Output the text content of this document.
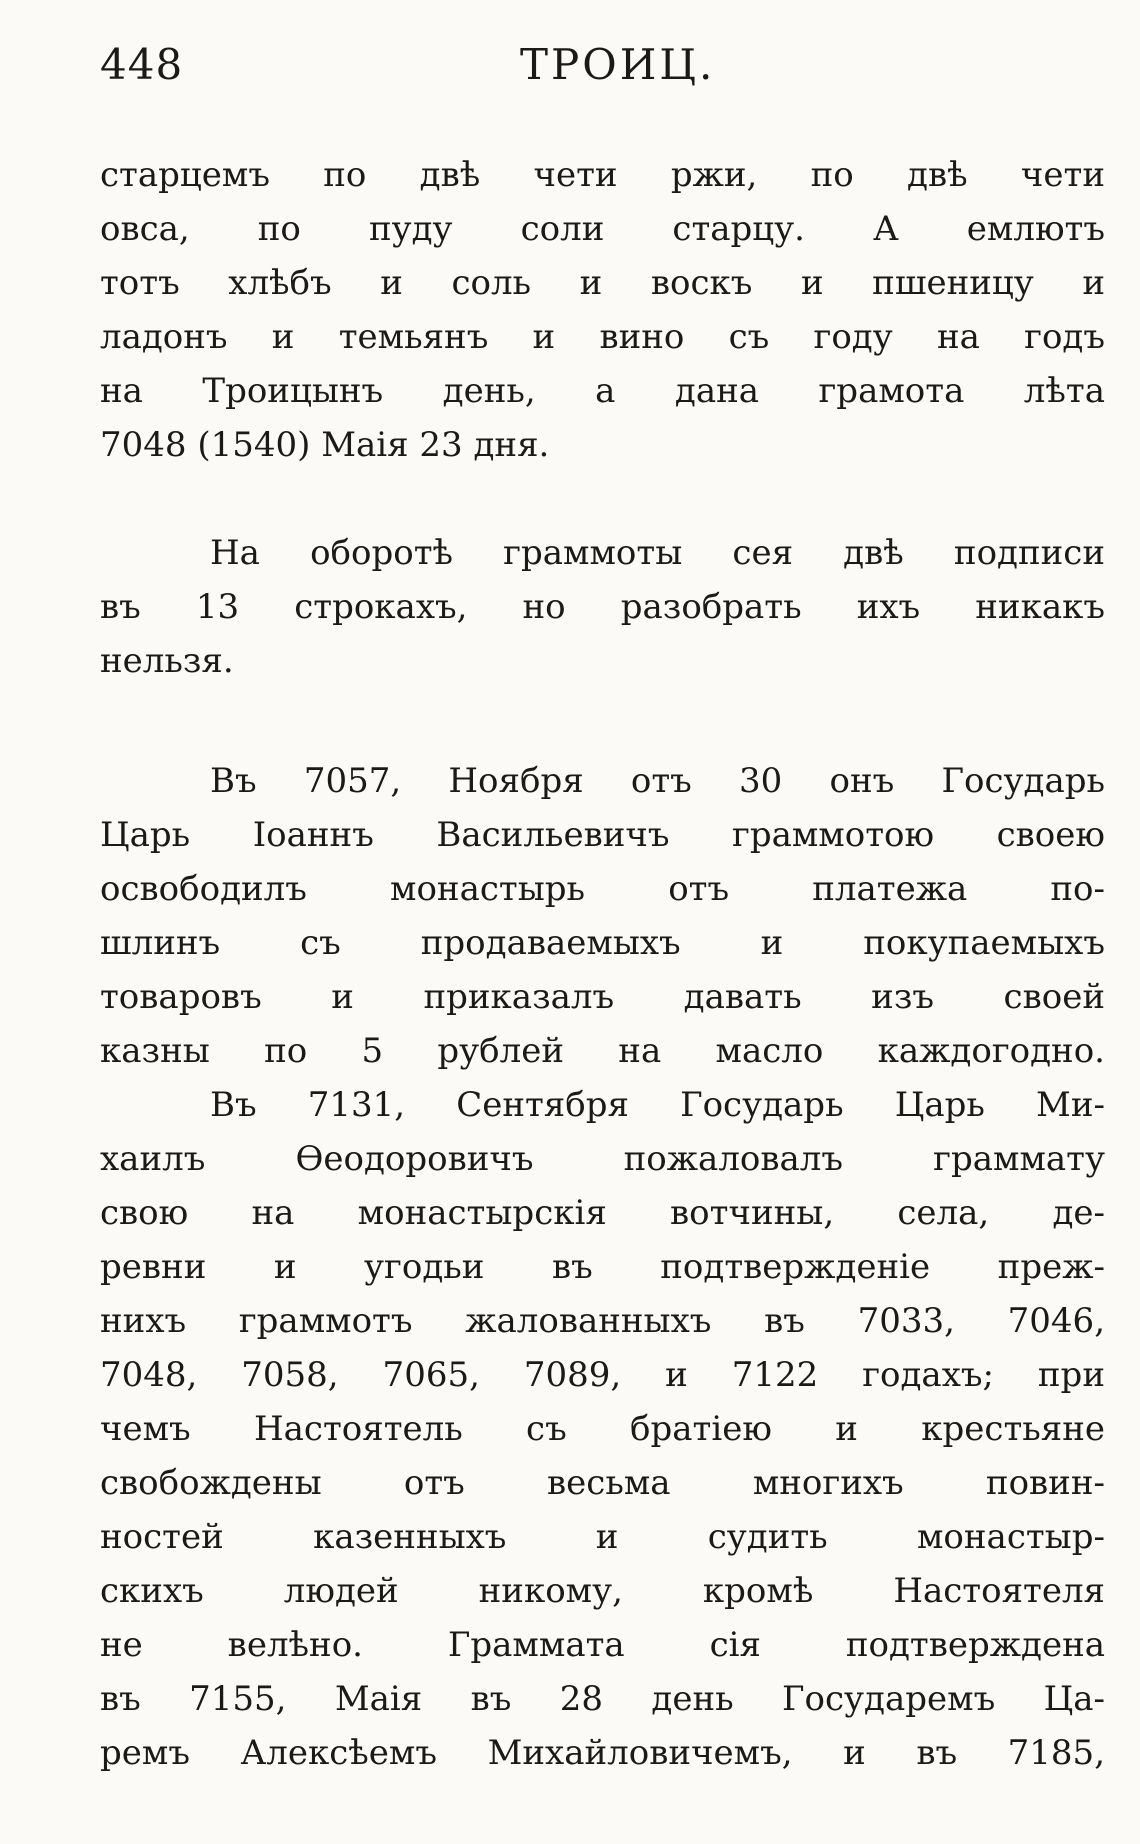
448	ТРОИЦ.
старцемъ по двѣ чети ржи, по двѣ чети
овса, по пуду соли старцу. А емлютъ
тотъ хлѣбъ и соль и воскъ и пшеницу и
ладонъ и темьянъ и вино съ году на годъ
на Троицынъ день, а дана грамота лѣта
7048 (1540) Маія 23 дня.
На оборотѣ граммоты сея двѣ подписи
въ 13 строкахъ, но разобрать ихъ никакъ
нельзя.
Въ 7057, Ноября отъ 30 онъ Государь
Царь Іоаннъ Васильевичъ граммотою своею
освободилъ монастырь отъ платежа по-
шлинъ съ продаваемыхъ и покупаемыхъ
товаровъ и приказалъ давать изъ своей
казны по 5 рублей на масло каждогодно.
Въ 7131, Сентября Государь Царь Ми-
хаилъ Ѳеодоровичъ пожаловалъ граммату
свою на монастырскія вотчины, села, де-
ревни и угодьи въ подтвержденіе преж-
нихъ граммотъ жалованныхъ въ 7033, 7046,
7048, 7058, 7065, 7089, и 7122 годахъ; при
чемъ Настоятель съ братіею и крестьяне
свобождены отъ весьма многихъ повин-
ностей казенныхъ и судить монастыр-
скихъ людей никому, кромѣ Настоятеля
не велѣно. Граммата сія подтверждена
въ 7155, Маія въ 28 день Государемъ Ца-
ремъ Алексѣемъ Михайловичемъ, и въ 7185,
